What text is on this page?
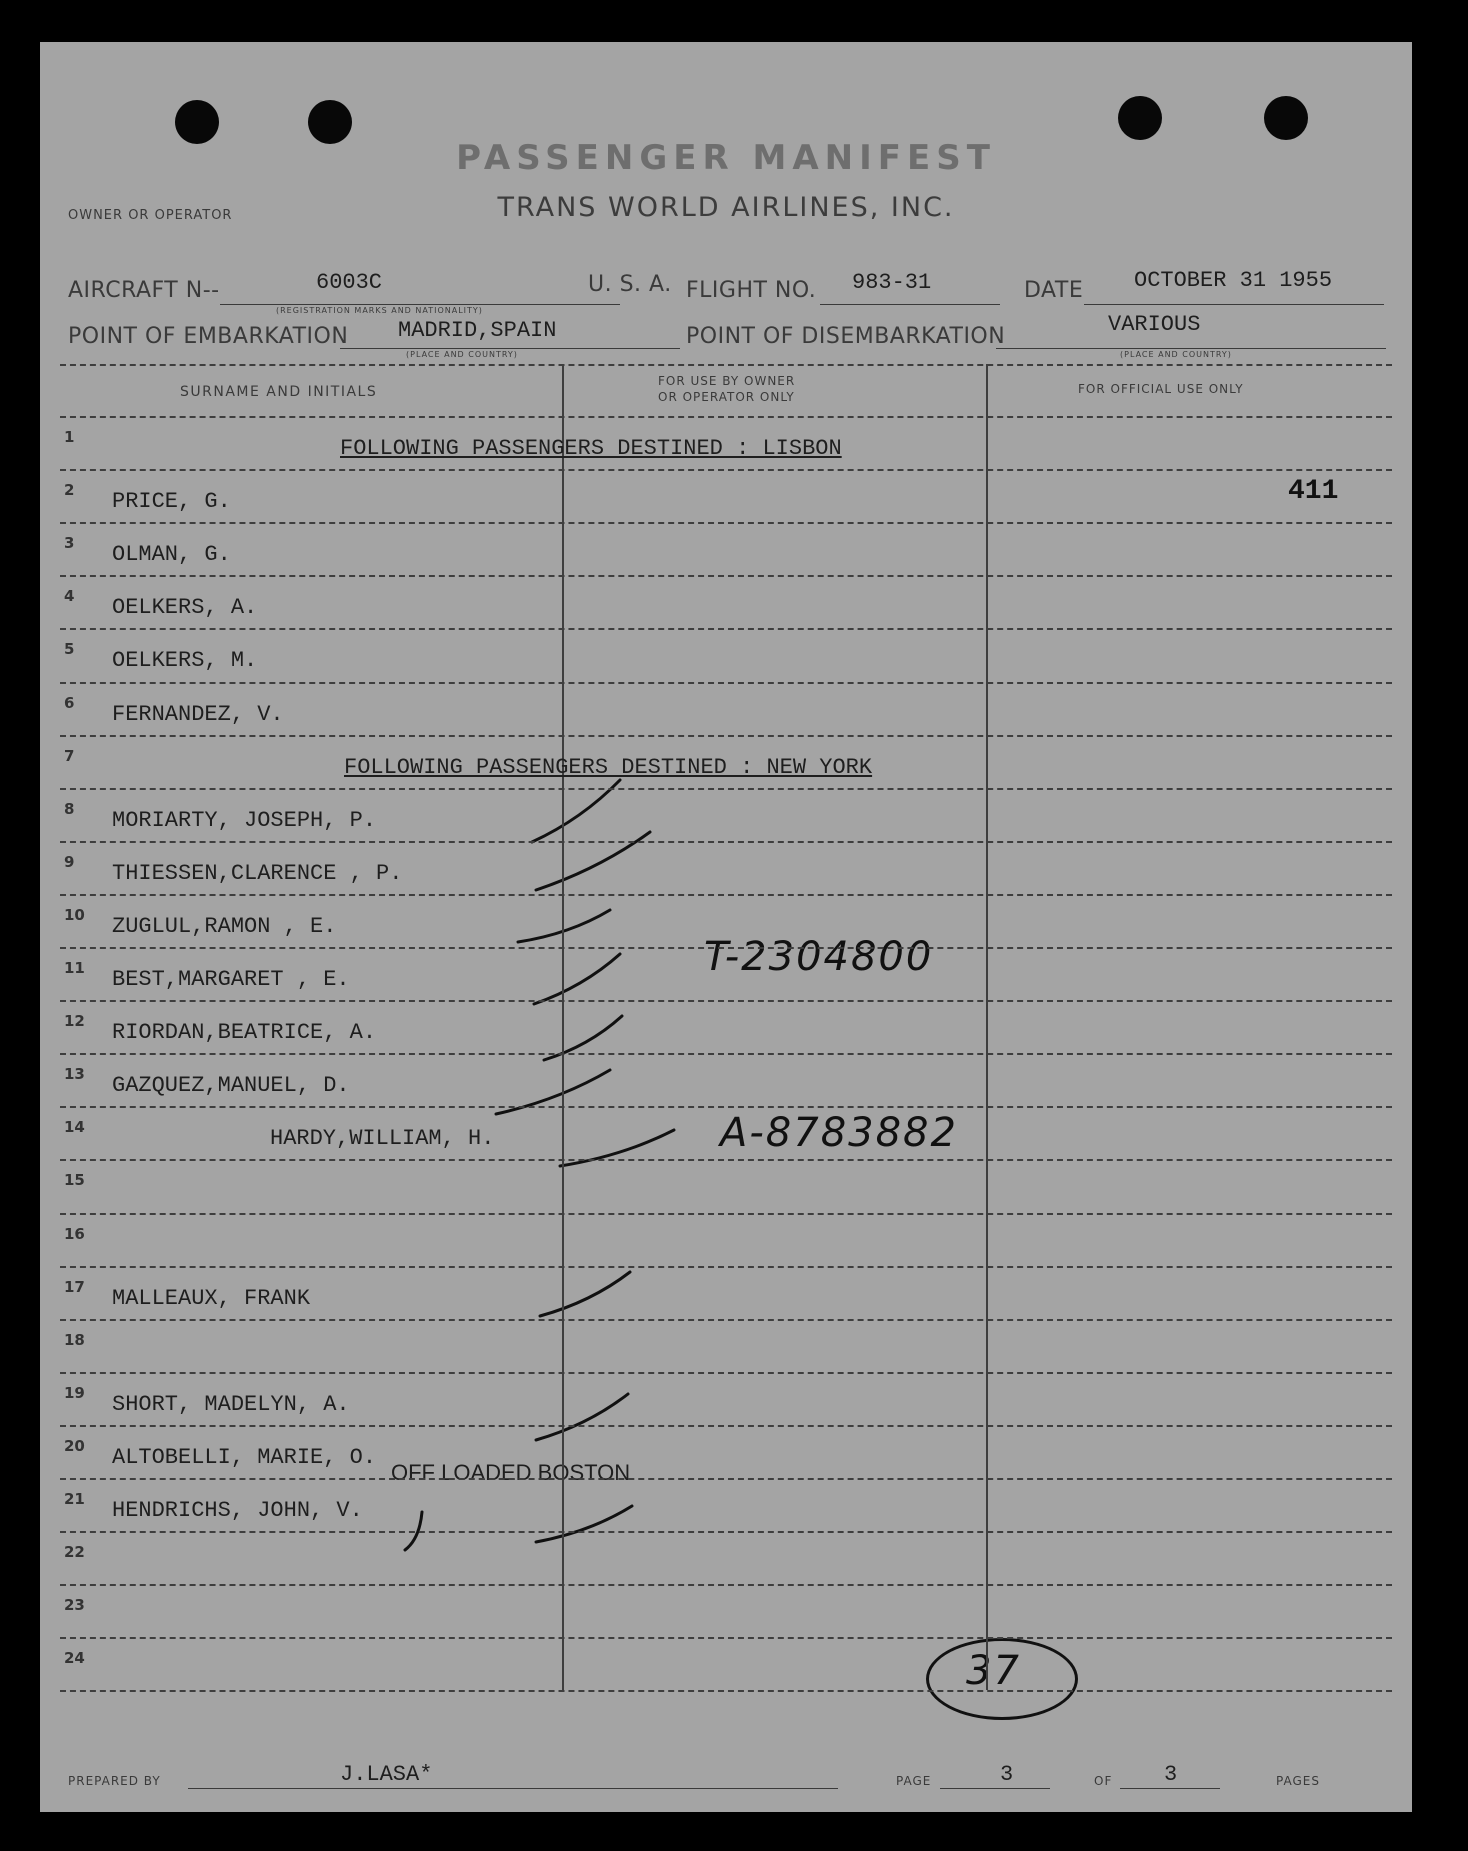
PASSENGER MANIFEST
TRANS WORLD AIRLINES, INC.
OWNER OR OPERATOR
AIRCRAFT N--	6003C
(REGISTRATION MARKS AND NATIONALITY)
U. S. A. FLIGHT NO. 983-31	DATE OCTOBER 31 1955
POINT OF EMBARKATION MADRID,SPAIN
(PLACE AND COUNTRY)
POINT OF DISEMBARKATION	VARIOUS
(PLACE AND COUNTRY)
SURNAME AND INITIALS
FOR USE BY OWNER
OR OPERATOR ONLY
FOR OFFICIAL USE ONLY
411
OFF LOADED BOSTON
T-2304800
A-8783882
37
PREPARED BY	J.LASA*	PAGE	3	OF 3	PAGES
1	FOLLOWING PASSENGERS DESTINED : LISBON
2	PRICE, G.
3	OLMAN, G.
4	OELKERS, A.
5	OELKERS, M.
6	FERNANDEZ, V.
7	FOLLOWING PASSENGERS DESTINED : NEW YORK
8	MORIARTY, JOSEPH, P.
9	THIESSEN,CLARENCE , P.
10	ZUGLUL,RAMON , E.
11	BEST,MARGARET , E.
12	RIORDAN,BEATRICE, A.
13	GAZQUEZ,MANUEL, D.
14	HARDY,WILLIAM, H.
15
16
17	MALLEAUX, FRANK
18
19	SHORT, MADELYN, A.
20	ALTOBELLI, MARIE, O.
21	HENDRICHS, JOHN, V.
22
23
24
